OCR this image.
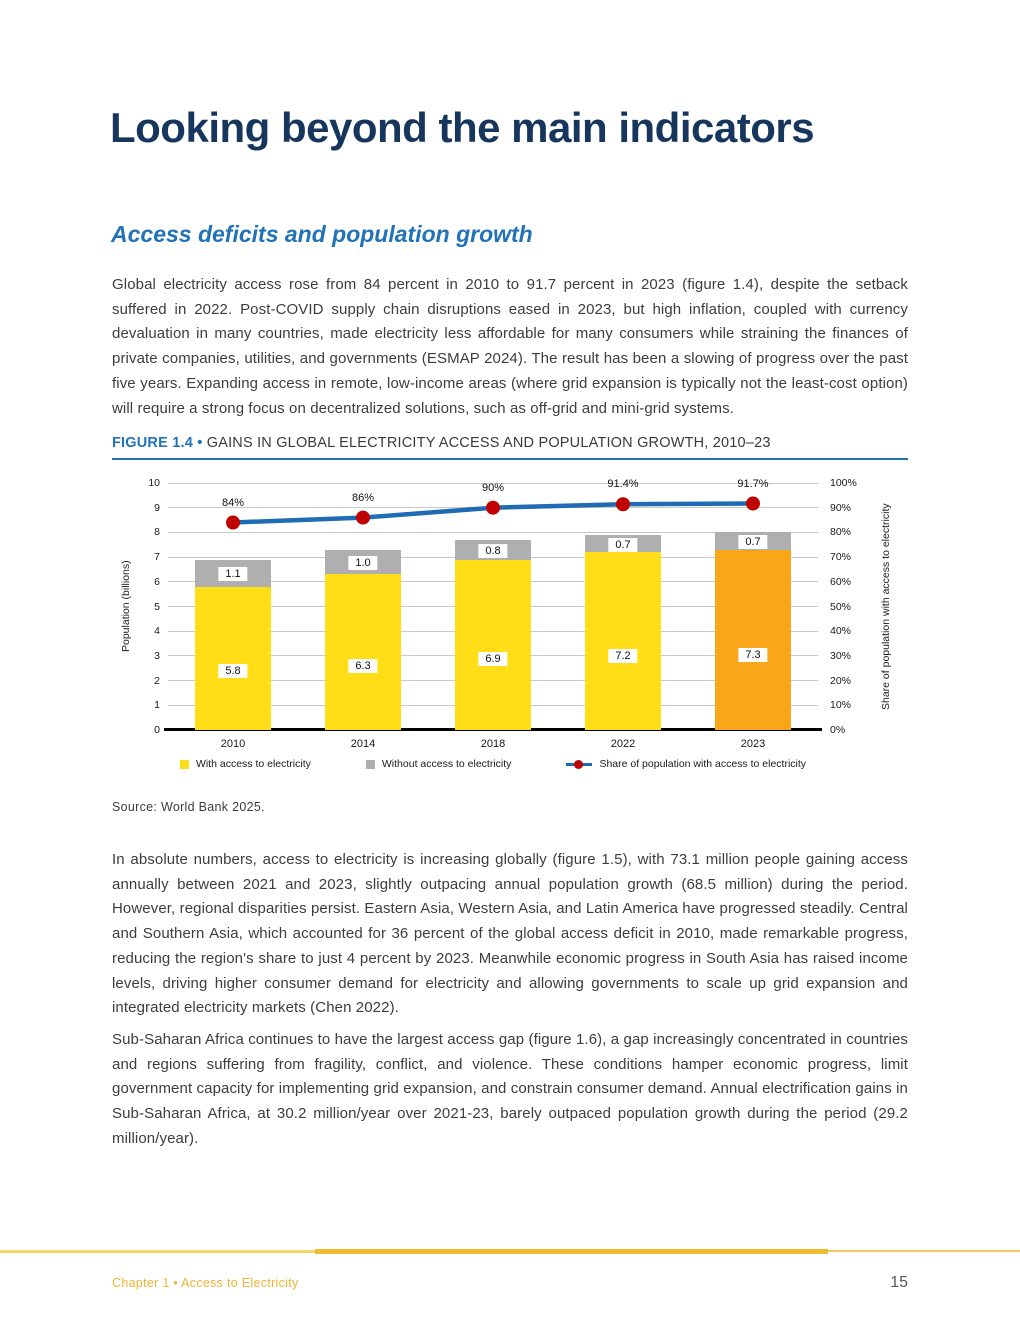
Looking beyond the main indicators
Access deficits and population growth

Global electricity access rose from 84 percent in 2010 to 91.7 percent in 2023 (figure 1.4), despite the setback suffered in 2022. Post-COVID supply chain disruptions eased in 2023, but high inflation, coupled with currency devaluation in many countries, made electricity less affordable for many consumers while straining the finances of private companies, utilities, and governments (ESMAP 2024). The result has been a slowing of progress over the past five years. Expanding access in remote, low-income areas (where grid expansion is typically not the least-cost option) will require a strong focus on decentralized solutions, such as off-grid and mini-grid systems.

FIGURE 1.4 • GAINS IN GLOBAL ELECTRICITY ACCESS AND POPULATION GROWTH, 2010–23
Population (billions)	Share of population with access to electricity
5.8
1.1
2010
6.3
1.0
2014
6.9
0.8
2018
7.2
0.7
2022
7.3
0.7
2023
84%	86%
90%	91.4%	91.7%
With access to electricity	Without access to electricity	Share of population with access to electricity
0	0%
1	10%
2	20%
3	30%
4	40%
5	50%
6	60%
7	70%
8	80%
9	90%
10	100%
Source: World Bank 2025.

In absolute numbers, access to electricity is increasing globally (figure 1.5), with 73.1 million people gaining access annually between 2021 and 2023, slightly outpacing annual population growth (68.5 million) during the period. However, regional disparities persist. Eastern Asia, Western Asia, and Latin America have progressed steadily. Central and Southern Asia, which accounted for 36 percent of the global access deficit in 2010, made remarkable progress, reducing the region's share to just 4 percent by 2023. Meanwhile economic progress in South Asia has raised income levels, driving higher consumer demand for electricity and allowing governments to scale up grid expansion and integrated electricity markets (Chen 2022).

Sub-Saharan Africa continues to have the largest access gap (figure 1.6), a gap increasingly concentrated in countries and regions suffering from fragility, conflict, and violence. These conditions hamper economic progress, limit government capacity for implementing grid expansion, and constrain consumer demand. Annual electrification gains in Sub-Saharan Africa, at 30.2 million/year over 2021-23, barely outpaced population growth during the period (29.2 million/year).

Chapter 1 • Access to Electricity	15
